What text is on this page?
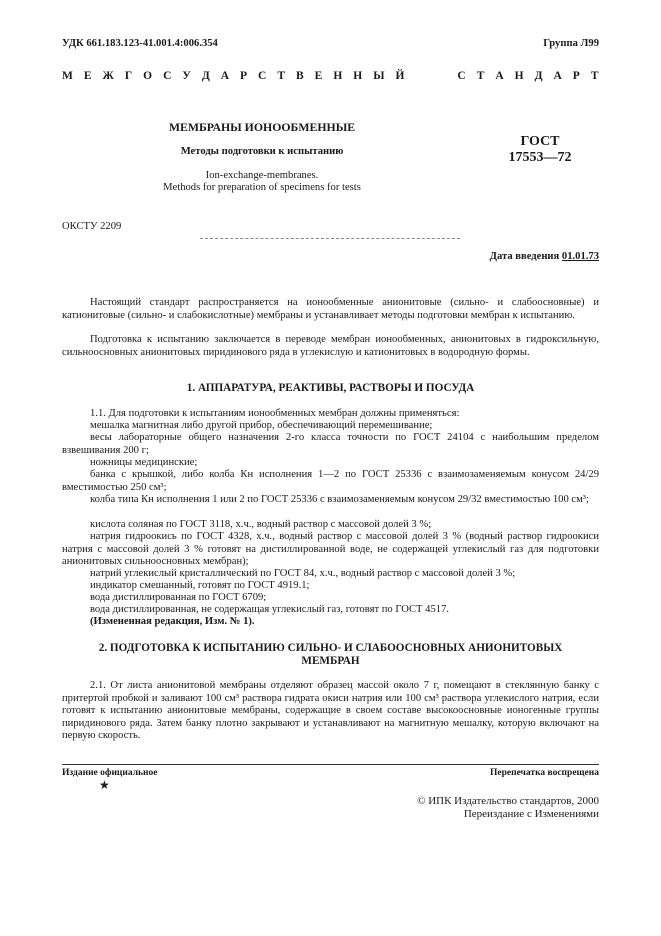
УДК 661.183.123-41.001.4:006.354	Группа Л99
М Е Ж Г О С У Д А Р С Т В Е Н Н Ы Й     С Т А Н Д А Р Т
МЕМБРАНЫ ИОНООБМЕННЫЕ
Методы подготовки к испытанию
Ion-exchange-membranes.
Methods for preparation of specimens for tests
ГОСТ
17553—72
ОКСТУ 2209
Дата введения 01.01.73
Настоящий стандарт распространяется на ионообменные анионитовые (сильно- и слабоосновные) и катионитовые (сильно- и слабокислотные) мембраны и устанавливает методы подготовки мембран к испытанию.
Подготовка к испытанию заключается в переводе мембран ионообменных, анионитовых в гидроксильную, сильноосновных анионитовых пиридинового ряда в углекислую и катионитовых в водородную формы.
1. АППАРАТУРА, РЕАКТИВЫ, РАСТВОРЫ И ПОСУДА
1.1. Для подготовки к испытаниям ионообменных мембран должны применяться:
мешалка магнитная либо другой прибор, обеспечивающий перемешивание;
весы лабораторные общего назначения 2-го класса точности по ГОСТ 24104 с наибольшим пределом взвешивания 200 г;
ножницы медицинские;
банка с крышкой, либо колба Кн исполнения 1—2 по ГОСТ 25336 с взаимозаменяемым конусом 24/29 вместимостью 250 см³;
колба типа Кн исполнения 1 или 2 по ГОСТ 25336 с взаимозаменяемым конусом 29/32 вместимостью 100 см³;
кислота соляная по ГОСТ 3118, х.ч., водный раствор с массовой долей 3 %;
натрия гидроокись по ГОСТ 4328, х.ч., водный раствор с массовой долей 3 % (водный раствор гидроокиси натрия с массовой долей 3 % готовят на дистиллированной воде, не содержащей углекислый газ для подготовки анионитовых сильноосновных мембран);
натрий углекислый кристаллический по ГОСТ 84, х.ч., водный раствор с массовой долей 3 %;
индикатор смешанный, готовят по ГОСТ 4919.1;
вода дистиллированная по ГОСТ 6709;
вода дистиллированная, не содержащая углекислый газ, готовят по ГОСТ 4517.
(Измененная редакция, Изм. № 1).
2. ПОДГОТОВКА К ИСПЫТАНИЮ СИЛЬНО- И СЛАБООСНОВНЫХ АНИОНИТОВЫХ
МЕМБРАН
2.1. От листа анионитовой мембраны отделяют образец массой около 7 г, помещают в стеклянную банку с притертой пробкой и заливают 100 см³ раствора гидрата окиси натрия или 100 см³ раствора углекислого натрия, если готовят к испытанию анионитовые мембраны, содержащие в своем составе высокоосновные ионогенные группы пиридинового ряда. Затем банку плотно закрывают и устанавливают на магнитную мешалку, которую включают на первую скорость.
Издание официальное	Перепечатка воспрещена
★
© ИПК Издательство стандартов, 2000
Переиздание с Изменениями
